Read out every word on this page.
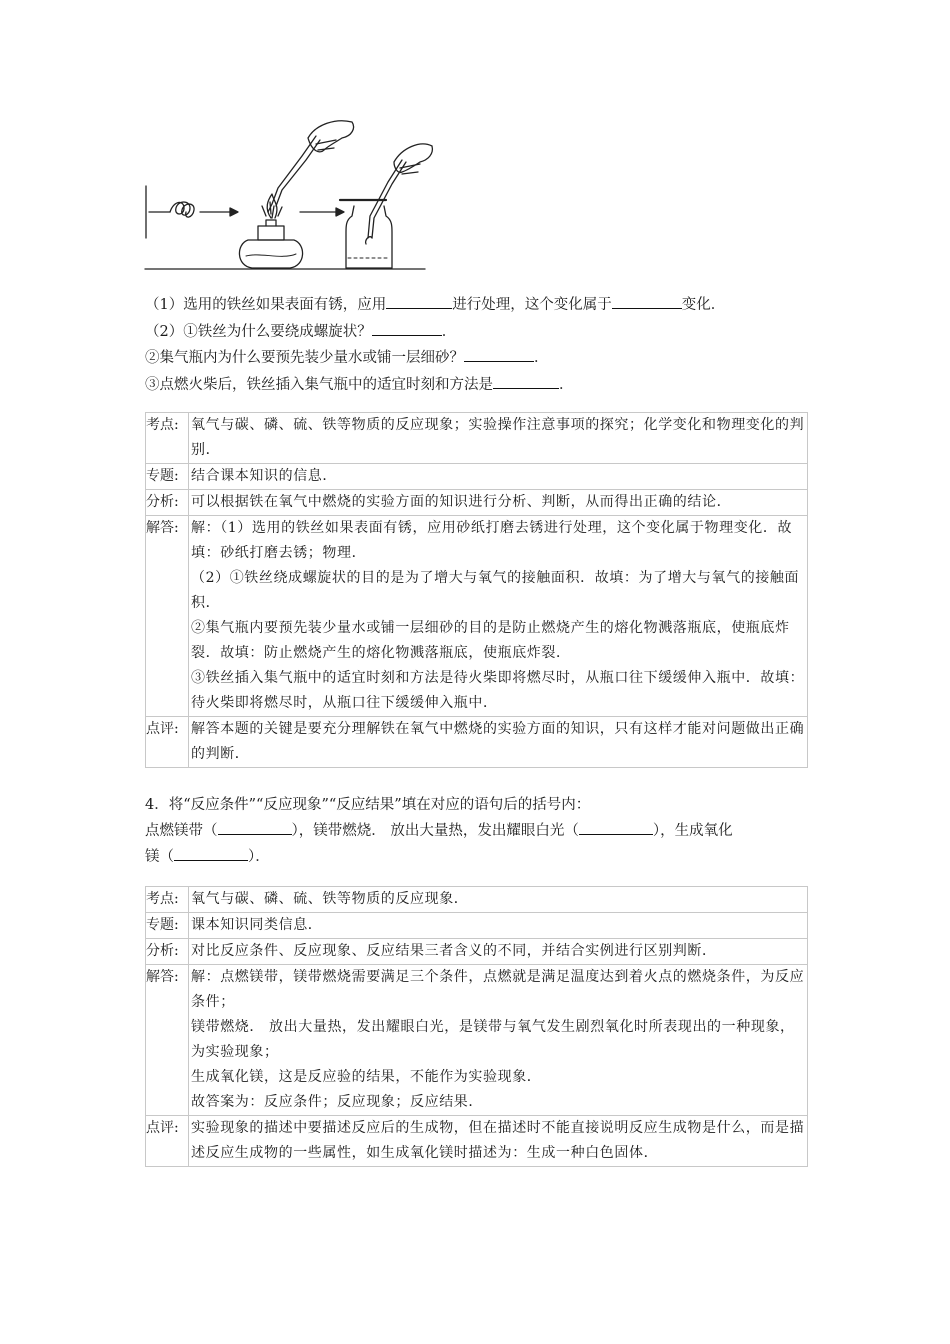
（1）选用的铁丝如果表面有锈，应用	进行处理，这个变化属于	变化．

（2）①铁丝为什么要绕成螺旋状？	．

②集气瓶内为什么要预先装少量水或铺一层细砂？	．

③点燃火柴后，铁丝插入集气瓶中的适宜时刻和方法是	．

考点:	氧气与碳、磷、硫、铁等物质的反应现象；实验操作注意事项的探究；化学变化和物理变化的判别．
专题:	结合课本知识的信息．
分析:	可以根据铁在氧气中燃烧的实验方面的知识进行分析、判断，从而得出正确的结论．
解答:	解：（1）选用的铁丝如果表面有锈，应用砂纸打磨去锈进行处理，这个变化属于物理变化．故填：砂纸打磨去锈；物理．
（2）①铁丝绕成螺旋状的目的是为了增大与氧气的接触面积．故填：为了增大与氧气的接触面积．
②集气瓶内要预先装少量水或铺一层细砂的目的是防止燃烧产生的熔化物溅落瓶底，使瓶底炸裂．故填：防止燃烧产生的熔化物溅落瓶底，使瓶底炸裂．
③铁丝插入集气瓶中的适宜时刻和方法是待火柴即将燃尽时，从瓶口往下缓缓伸入瓶中．故填：待火柴即将燃尽时，从瓶口往下缓缓伸入瓶中．

点评:	解答本题的关键是要充分理解铁在氧气中燃烧的实验方面的知识，只有这样才能对问题做出正确的判断．

4．将“反应条件”“反应现象”“反应结果”填在对应的语句后的括号内：

点燃镁带（	），镁带燃烧． 放出大量热，发出耀眼白光（	），生成氧化

镁（	）．

考点:	氧气与碳、磷、硫、铁等物质的反应现象．
专题:	课本知识同类信息．
分析:	对比反应条件、反应现象、反应结果三者含义的不同，并结合实例进行区别判断．
解答:	解：点燃镁带，镁带燃烧需要满足三个条件，点燃就是满足温度达到着火点的燃烧条件，为反应条件；
镁带燃烧． 放出大量热，发出耀眼白光，是镁带与氧气发生剧烈氧化时所表现出的一种现象，为实验现象；
生成氧化镁，这是反应验的结果，不能作为实验现象．
故答案为：反应条件；反应现象；反应结果．

点评:	实验现象的描述中要描述反应后的生成物，但在描述时不能直接说明反应生成物是什么，而是描述反应生成物的一些属性，如生成氧化镁时描述为：生成一种白色固体．
